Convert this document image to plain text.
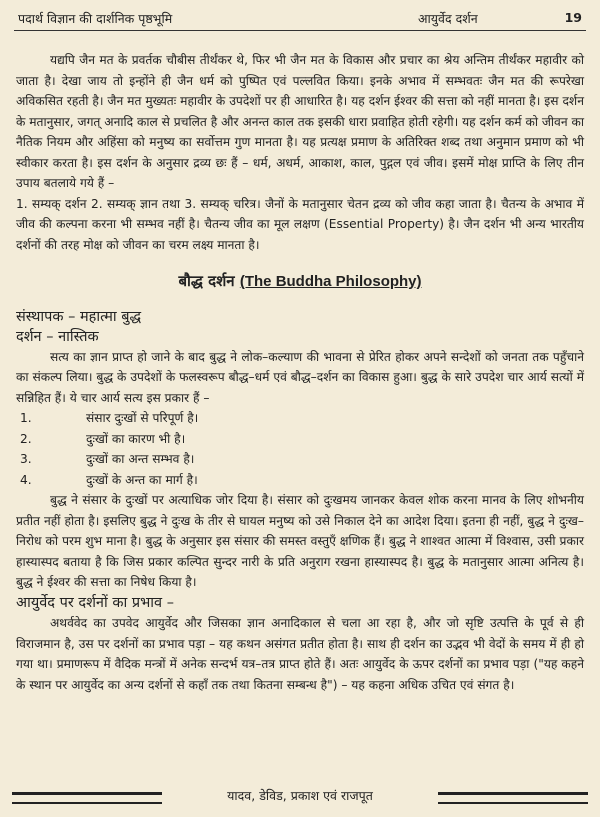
पदार्थ विज्ञान की दार्शनिक पृष्ठभूमि	आयुर्वेद दर्शन	19

यद्यपि जैन मत के प्रवर्तक चौबीस तीर्थंकर थे, फिर भी जैन मत के विकास और प्रचार का श्रेय अन्तिम तीर्थंकर महावीर को जाता है। देखा जाय तो इन्होंने ही जैन धर्म को पुष्पित एवं पल्लवित किया। इनके अभाव में सम्भवतः जैन मत की रूपरेखा अविकसित रहती है। जैन मत मुख्यतः महावीर के उपदेशों पर ही आधारित है। यह दर्शन ईश्वर की सत्ता को नहीं मानता है। इस दर्शन के मतानुसार, जगत् अनादि काल से प्रचलित है और अनन्त काल तक इसकी धारा प्रवाहित होती रहेगी। यह दर्शन कर्म को जीवन का नैतिक नियम और अहिंसा को मनुष्य का सर्वोत्तम गुण मानता है। यह प्रत्यक्ष प्रमाण के अतिरिक्त शब्द तथा अनुमान प्रमाण को भी स्वीकार करता है। इस दर्शन के अनुसार द्रव्य छः हैं – धर्म, अधर्म, आकाश, काल, पुद्गल एवं जीव। इसमें मोक्ष प्राप्ति के लिए तीन उपाय बतलाये गये हैं –

1. सम्यक् दर्शन 2. सम्यक् ज्ञान तथा 3. सम्यक् चरित्र। जैनों के मतानुसार चेतन द्रव्य को जीव कहा जाता है। चैतन्य के अभाव में जीव की कल्पना करना भी सम्भव नहीं है। चैतन्य जीव का मूल लक्षण (Essential Property) है। जैन दर्शन भी अन्य भारतीय दर्शनों की तरह मोक्ष को जीवन का चरम लक्ष्य मानता है।

बौद्ध दर्शन (The Buddha Philosophy)

संस्थापक – महात्मा बुद्ध

दर्शन – नास्तिक

सत्य का ज्ञान प्राप्त हो जाने के बाद बुद्ध ने लोक–कल्याण की भावना से प्रेरित होकर अपने सन्देशों को जनता तक पहुँचाने का संकल्प लिया। बुद्ध के उपदेशों के फलस्वरूप बौद्ध–धर्म एवं बौद्ध–दर्शन का विकास हुआ। बुद्ध के सारे उपदेश चार आर्य सत्यों में सन्निहित हैं। ये चार आर्य सत्य इस प्रकार हैं –

1.	संसार दुःखों से परिपूर्ण है।
2.	दुःखों का कारण भी है।
3.	दुःखों का अन्त सम्भव है।
4.	दुःखों के अन्त का मार्ग है।

बुद्ध ने संसार के दुःखों पर अत्याधिक जोर दिया है। संसार को दुःखमय जानकर केवल शोक करना मानव के लिए शोभनीय प्रतीत नहीं होता है। इसलिए बुद्ध ने दुःख के तीर से घायल मनुष्य को उसे निकाल देने का आदेश दिया। इतना ही नहीं, बुद्ध ने दुःख–निरोध को परम शुभ माना है। बुद्ध के अनुसार इस संसार की समस्त वस्तुएँ क्षणिक हैं। बुद्ध ने शाश्वत आत्मा में विश्वास, उसी प्रकार हास्यास्पद बताया है कि जिस प्रकार कल्पित सुन्दर नारी के प्रति अनुराग रखना हास्यास्पद है। बुद्ध के मतानुसार आत्मा अनित्य है। बुद्ध ने ईश्वर की सत्ता का निषेध किया है।

आयुर्वेद पर दर्शनों का प्रभाव –

अथर्ववेद का उपवेद आयुर्वेद और जिसका ज्ञान अनादिकाल से चला आ रहा है, और जो सृष्टि उत्पत्ति के पूर्व से ही विराजमान है, उस पर दर्शनों का प्रभाव पड़ा – यह कथन असंगत प्रतीत होता है। साथ ही दर्शन का उद्भव भी वेदों के समय में ही हो गया था। प्रमाणरूप में वैदिक मन्त्रों में अनेक सन्दर्भ यत्र–तत्र प्राप्त होते हैं। अतः आयुर्वेद के ऊपर दर्शनों का प्रभाव पड़ा ("यह कहने के स्थान पर आयुर्वेद का अन्य दर्शनों से कहाँ तक तथा कितना सम्बन्ध है") – यह कहना अधिक उचित एवं संगत है।

यादव, डेविड, प्रकाश एवं राजपूत
